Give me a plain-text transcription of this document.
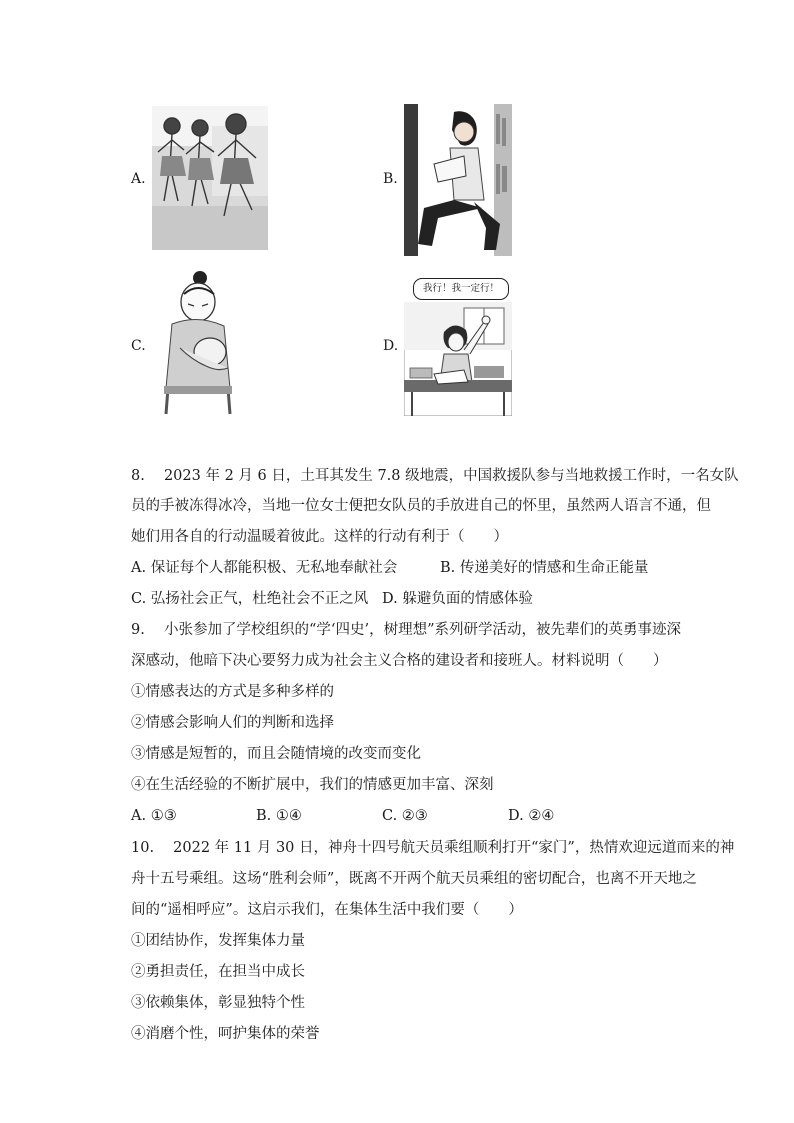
A.	B.
C.	D.
我行！我一定行！
8.  2023 年 2 月 6 日，土耳其发生 7.8 级地震，中国救援队参与当地救援工作时，一名女队
员的手被冻得冰冷，当地一位女士便把女队员的手放进自己的怀里，虽然两人语言不通，但
她们用各自的行动温暖着彼此。这样的行动有利于（  ）
A. 保证每个人都能积极、无私地奉献社会	B. 传递美好的情感和生命正能量
C. 弘扬社会正气，杜绝社会不正之风 D. 躲避负面的情感体验
9.  小张参加了学校组织的“学‘四史’，树理想”系列研学活动，被先辈们的英勇事迹深
深感动，他暗下决心要努力成为社会主义合格的建设者和接班人。材料说明（  ）
①情感表达的方式是多种多样的
②情感会影响人们的判断和选择
③情感是短暂的，而且会随情境的改变而变化
④在生活经验的不断扩展中，我们的情感更加丰富、深刻
A. ①③	B. ①④	C. ②③	D. ②④
10.  2022 年 11 月 30 日，神舟十四号航天员乘组顺利打开“家门”，热情欢迎远道而来的神
舟十五号乘组。这场“胜利会师”，既离不开两个航天员乘组的密切配合，也离不开天地之
间的“遥相呼应”。这启示我们，在集体生活中我们要（  ）
①团结协作，发挥集体力量
②勇担责任，在担当中成长
③依赖集体，彰显独特个性
④消磨个性，呵护集体的荣誉
